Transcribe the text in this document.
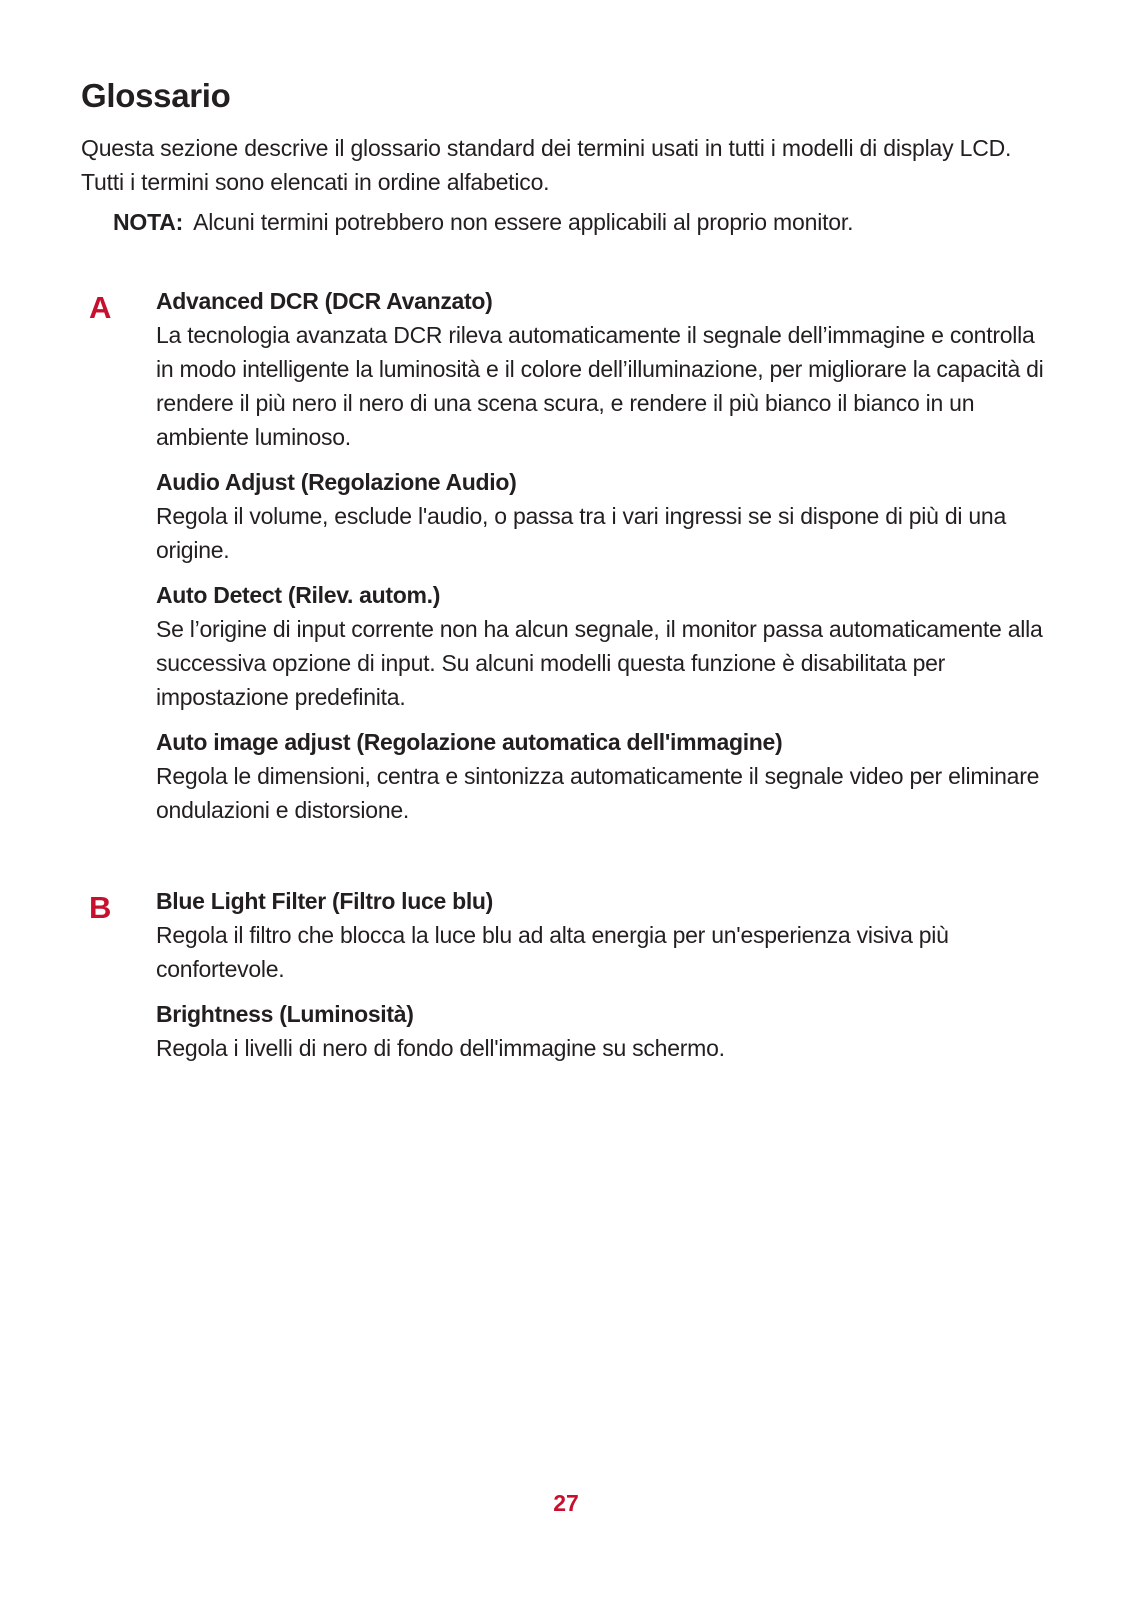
Glossario

Questa sezione descrive il glossario standard dei termini usati in tutti i modelli di display LCD. Tutti i termini sono elencati in ordine alfabetico.

NOTA: Alcuni termini potrebbero non essere applicabili al proprio monitor.

A Advanced DCR (DCR Avanzato)

La tecnologia avanzata DCR rileva automaticamente il segnale dell’immagine e controlla in modo intelligente la luminosità e il colore dell’illuminazione, per migliorare la capacità di rendere il più nero il nero di una scena scura, e rendere il più bianco il bianco in un ambiente luminoso.

Audio Adjust (Regolazione Audio)

Regola il volume, esclude l'audio, o passa tra i vari ingressi se si dispone di più di una origine.

Auto Detect (Rilev. autom.)

Se l’origine di input corrente non ha alcun segnale, il monitor passa automaticamente alla successiva opzione di input. Su alcuni modelli questa funzione è disabilitata per impostazione predefinita.

Auto image adjust (Regolazione automatica dell'immagine)

Regola le dimensioni, centra e sintonizza automaticamente il segnale video per eliminare ondulazioni e distorsione.

B Blue Light Filter (Filtro luce blu)

Regola il filtro che blocca la luce blu ad alta energia per un'esperienza visiva più confortevole.

Brightness (Luminosità)

Regola i livelli di nero di fondo dell'immagine su schermo.

27
